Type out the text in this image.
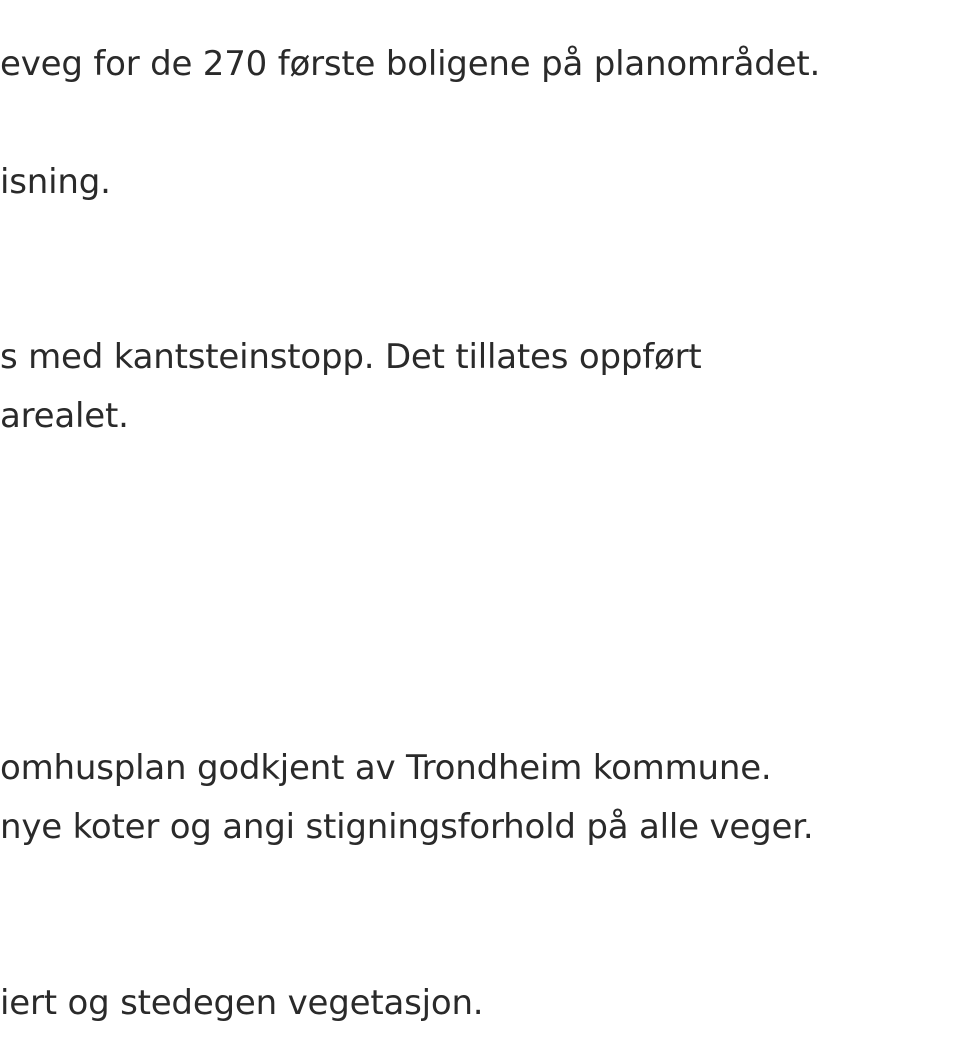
eveg for de 270 første boligene på planområdet.
isning.
s med kantsteinstopp. Det tillates oppført
arealet.
omhusplan godkjent av Trondheim kommune.
nye koter og angi stigningsforhold på alle veger.
iert og stedegen vegetasjon.
